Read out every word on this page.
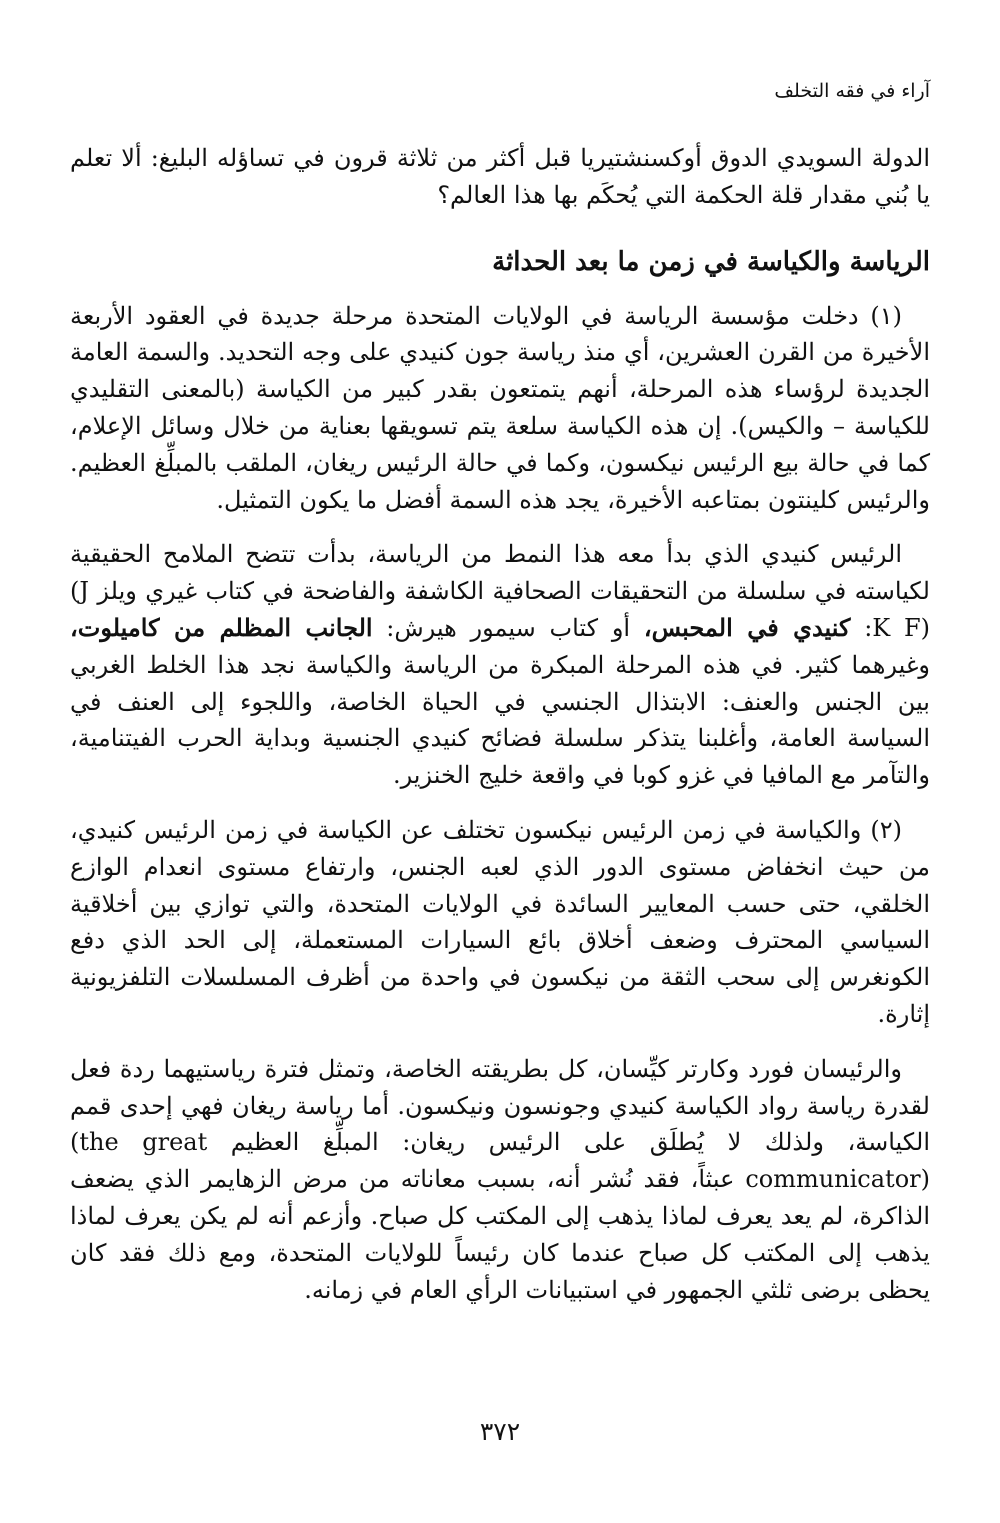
آراء في فقه التخلف

الدولة السويدي الدوق أوكسنشتيريا قبل أكثر من ثلاثة قرون في تساؤله البليغ: ألا تعلم يا بُني مقدار قلة الحكمة التي يُحكَم بها هذا العالم؟

الرياسة والكياسة في زمن ما بعد الحداثة

(١) دخلت مؤسسة الرياسة في الولايات المتحدة مرحلة جديدة في العقود الأربعة الأخيرة من القرن العشرين، أي منذ رياسة جون كنيدي على وجه التحديد. والسمة العامة الجديدة لرؤساء هذه المرحلة، أنهم يتمتعون بقدر كبير من الكياسة (بالمعنى التقليدي للكياسة – والكيس). إن هذه الكياسة سلعة يتم تسويقها بعناية من خلال وسائل الإعلام، كما في حالة بيع الرئيس نيكسون، وكما في حالة الرئيس ريغان، الملقب بالمبلِّغ العظيم. والرئيس كلينتون بمتاعبه الأخيرة، يجد هذه السمة أفضل ما يكون التمثيل.

الرئيس كنيدي الذي بدأ معه هذا النمط من الرياسة، بدأت تتضح الملامح الحقيقية لكياسته في سلسلة من التحقيقات الصحافية الكاشفة والفاضحة في كتاب غيري ويلز (J K F): كنيدي في المحبس، أو كتاب سيمور هيرش: الجانب المظلم من كاميلوت، وغيرهما كثير. في هذه المرحلة المبكرة من الرياسة والكياسة نجد هذا الخلط الغربي بين الجنس والعنف: الابتذال الجنسي في الحياة الخاصة، واللجوء إلى العنف في السياسة العامة، وأغلبنا يتذكر سلسلة فضائح كنيدي الجنسية وبداية الحرب الفيتنامية، والتآمر مع المافيا في غزو كوبا في واقعة خليج الخنزير.

(٢) والكياسة في زمن الرئيس نيكسون تختلف عن الكياسة في زمن الرئيس كنيدي، من حيث انخفاض مستوى الدور الذي لعبه الجنس، وارتفاع مستوى انعدام الوازع الخلقي، حتى حسب المعايير السائدة في الولايات المتحدة، والتي توازي بين أخلاقية السياسي المحترف وضعف أخلاق بائع السيارات المستعملة، إلى الحد الذي دفع الكونغرس إلى سحب الثقة من نيكسون في واحدة من أظرف المسلسلات التلفزيونية إثارة.

والرئيسان فورد وكارتر كيِّسان، كل بطريقته الخاصة، وتمثل فترة رياستيهما ردة فعل لقدرة رياسة رواد الكياسة كنيدي وجونسون ونيكسون. أما رياسة ريغان فهي إحدى قمم الكياسة، ولذلك لا يُطلَق على الرئيس ريغان: المبلِّغ العظيم (the great communicator) عبثاً، فقد نُشر أنه، بسبب معاناته من مرض الزهايمر الذي يضعف الذاكرة، لم يعد يعرف لماذا يذهب إلى المكتب كل صباح. وأزعم أنه لم يكن يعرف لماذا يذهب إلى المكتب كل صباح عندما كان رئيساً للولايات المتحدة، ومع ذلك فقد كان يحظى برضى ثلثي الجمهور في استبيانات الرأي العام في زمانه.

٣٧٢
